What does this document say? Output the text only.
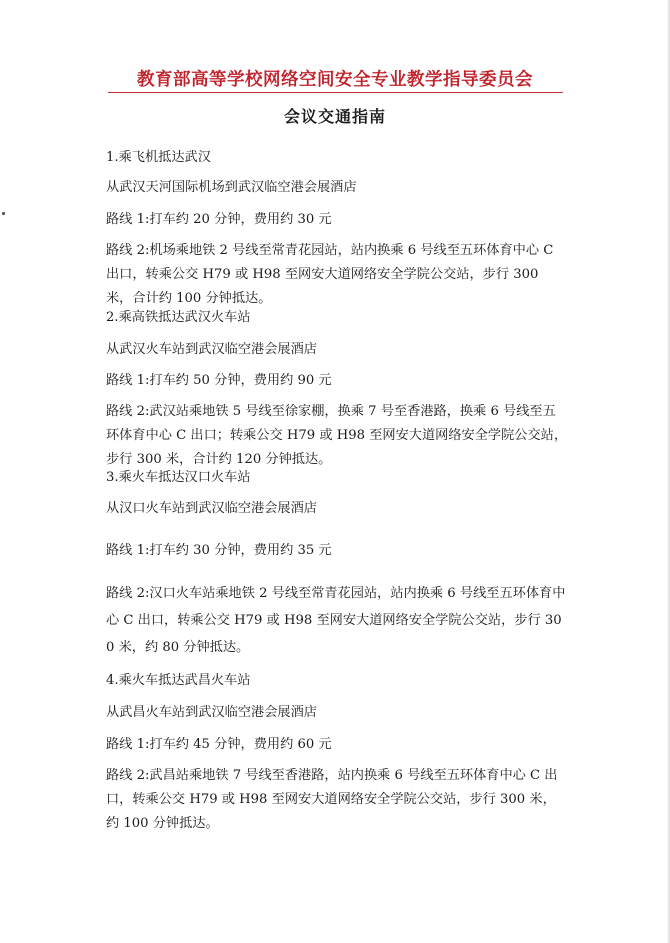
教育部高等学校网络空间安全专业教学指导委员会
会议交通指南

1.乘飞机抵达武汉

从武汉天河国际机场到武汉临空港会展酒店

路线 1:打车约 20 分钟，费用约 30 元

路线 2:机场乘地铁 2 号线至常青花园站，站内换乘 6 号线至五环体育中心 C 出口，转乘公交 H79 或 H98 至网安大道网络安全学院公交站，步行 300 米，合计约 100 分钟抵达。

2.乘高铁抵达武汉火车站

从武汉火车站到武汉临空港会展酒店

路线 1:打车约 50 分钟，费用约 90 元

路线 2:武汉站乘地铁 5 号线至徐家棚，换乘 7 号至香港路，换乘 6 号线至五环体育中心 C 出口；转乘公交 H79 或 H98 至网安大道网络安全学院公交站，步行 300 米，合计约 120 分钟抵达。

3.乘火车抵达汉口火车站

从汉口火车站到武汉临空港会展酒店

路线 1:打车约 30 分钟，费用约 35 元

路线 2:汉口火车站乘地铁 2 号线至常青花园站，站内换乘 6 号线至五环体育中心 C 出口，转乘公交 H79 或 H98 至网安大道网络安全学院公交站，步行 300 米，约 80 分钟抵达。

4.乘火车抵达武昌火车站

从武昌火车站到武汉临空港会展酒店

路线 1:打车约 45 分钟，费用约 60 元

路线 2:武昌站乘地铁 7 号线至香港路，站内换乘 6 号线至五环体育中心 C 出口，转乘公交 H79 或 H98 至网安大道网络安全学院公交站，步行 300 米，约 100 分钟抵达。
